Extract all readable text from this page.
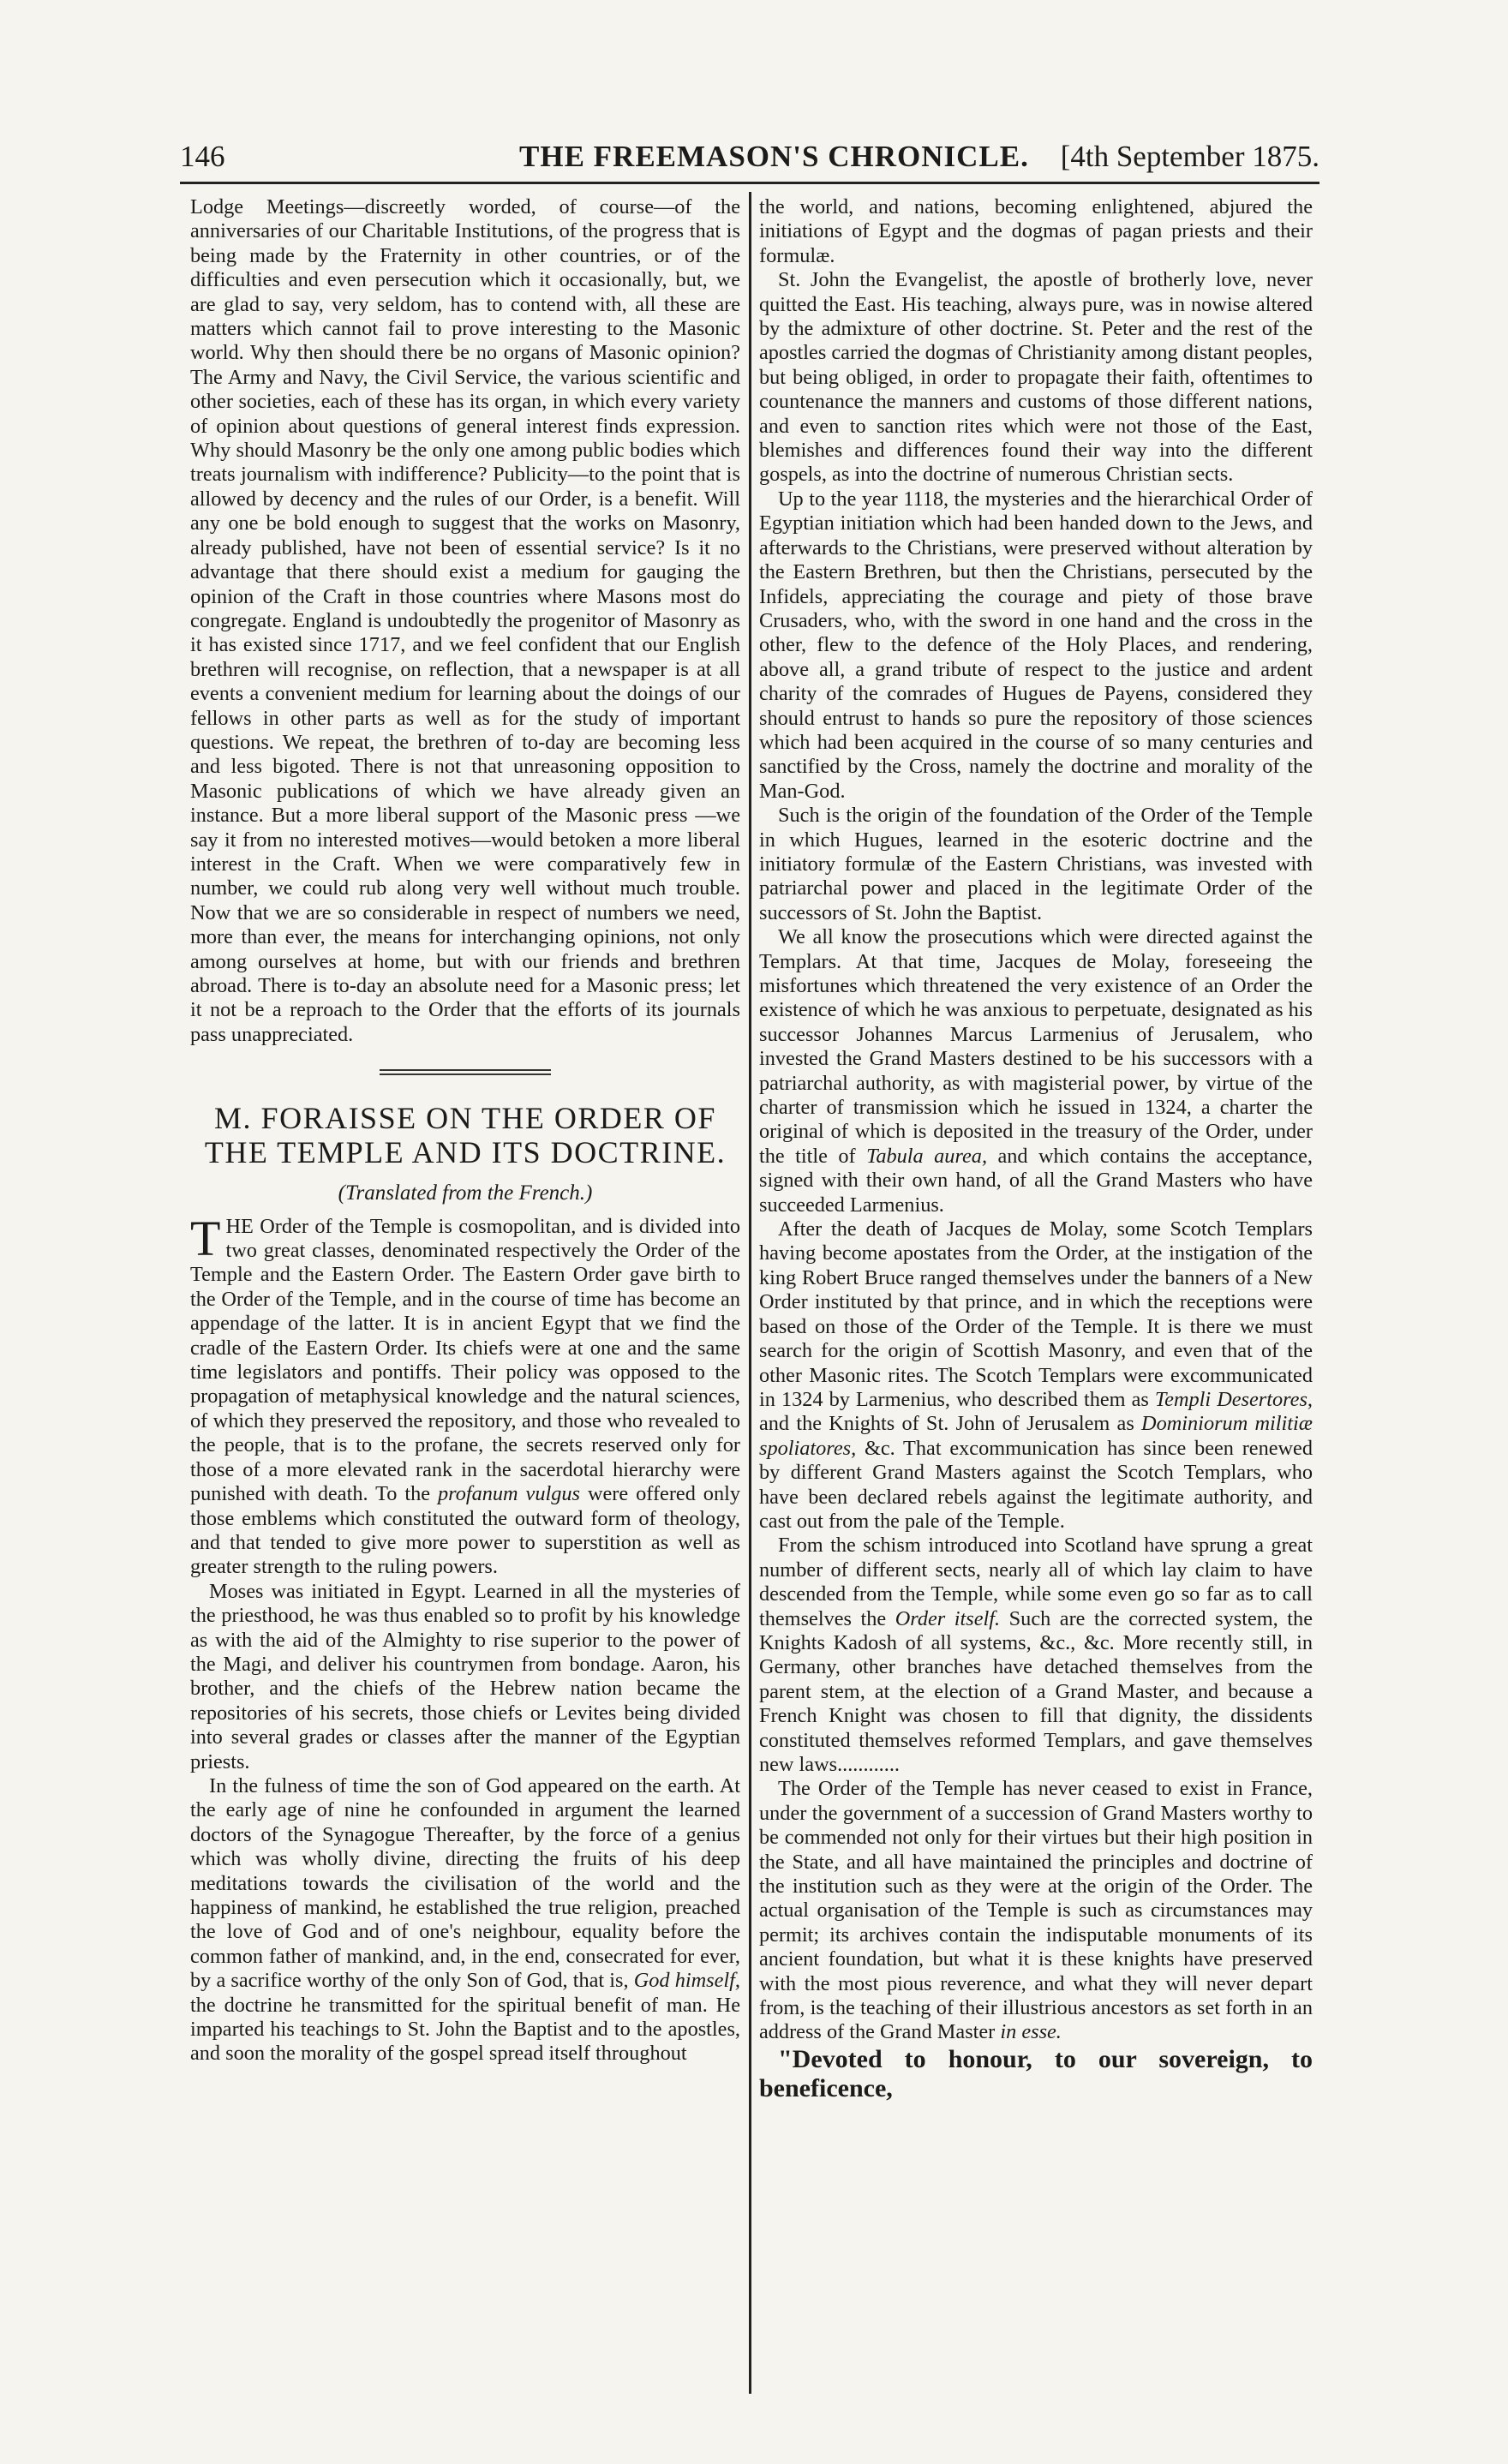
146	THE FREEMASON'S CHRONICLE. [4th September 1875.

Lodge Meetings—discreetly worded, of course—of the anniversaries of our Charitable Institutions, of the progress that is being made by the Fraternity in other countries, or of the difficulties and even persecution which it occasionally, but, we are glad to say, very seldom, has to contend with, all these are matters which cannot fail to prove interesting to the Masonic world. Why then should there be no organs of Masonic opinion? The Army and Navy, the Civil Service, the various scientific and other societies, each of these has its organ, in which every variety of opinion about questions of general interest finds expression. Why should Masonry be the only one among public bodies which treats journalism with indifference? Publicity—to the point that is allowed by decency and the rules of our Order, is a benefit. Will any one be bold enough to suggest that the works on Masonry, already published, have not been of essential service? Is it no advantage that there should exist a medium for gauging the opinion of the Craft in those countries where Masons most do congregate. England is undoubtedly the progenitor of Masonry as it has existed since 1717, and we feel confident that our English brethren will recognise, on reflection, that a newspaper is at all events a convenient medium for learning about the doings of our fellows in other parts as well as for the study of important questions. We repeat, the brethren of to-day are becoming less and less bigoted. There is not that unreasoning opposition to Masonic publications of which we have already given an instance. But a more liberal support of the Masonic press —we say it from no interested motives—would betoken a more liberal interest in the Craft. When we were comparatively few in number, we could rub along very well without much trouble. Now that we are so considerable in respect of numbers we need, more than ever, the means for interchanging opinions, not only among ourselves at home, but with our friends and brethren abroad. There is to-day an absolute need for a Masonic press; let it not be a reproach to the Order that the efforts of its journals pass unappreciated.

M. FORAISSE ON THE ORDER OF THE TEMPLE AND ITS DOCTRINE.
(Translated from the French.)

THE Order of the Temple is cosmopolitan, and is divided into two great classes, denominated respectively the Order of the Temple and the Eastern Order. The Eastern Order gave birth to the Order of the Temple, and in the course of time has become an appendage of the latter. It is in ancient Egypt that we find the cradle of the Eastern Order. Its chiefs were at one and the same time legislators and pontiffs. Their policy was opposed to the propagation of metaphysical knowledge and the natural sciences, of which they preserved the repository, and those who revealed to the people, that is to the profane, the secrets reserved only for those of a more elevated rank in the sacerdotal hierarchy were punished with death. To the profanum vulgus were offered only those emblems which constituted the outward form of theology, and that tended to give more power to superstition as well as greater strength to the ruling powers.

Moses was initiated in Egypt. Learned in all the mysteries of the priesthood, he was thus enabled so to profit by his knowledge as with the aid of the Almighty to rise superior to the power of the Magi, and deliver his countrymen from bondage. Aaron, his brother, and the chiefs of the Hebrew nation became the repositories of his secrets, those chiefs or Levites being divided into several grades or classes after the manner of the Egyptian priests.

In the fulness of time the son of God appeared on the earth. At the early age of nine he confounded in argument the learned doctors of the Synagogue Thereafter, by the force of a genius which was wholly divine, directing the fruits of his deep meditations towards the civilisation of the world and the happiness of mankind, he established the true religion, preached the love of God and of one's neighbour, equality before the common father of mankind, and, in the end, consecrated for ever, by a sacrifice worthy of the only Son of God, that is, God himself, the doctrine he transmitted for the spiritual benefit of man. He imparted his teachings to St. John the Baptist and to the apostles, and soon the morality of the gospel spread itself throughout

the world, and nations, becoming enlightened, abjured the initiations of Egypt and the dogmas of pagan priests and their formulæ.

St. John the Evangelist, the apostle of brotherly love, never quitted the East. His teaching, always pure, was in nowise altered by the admixture of other doctrine. St. Peter and the rest of the apostles carried the dogmas of Christianity among distant peoples, but being obliged, in order to propagate their faith, oftentimes to countenance the manners and customs of those different nations, and even to sanction rites which were not those of the East, blemishes and differences found their way into the different gospels, as into the doctrine of numerous Christian sects.

Up to the year 1118, the mysteries and the hierarchical Order of Egyptian initiation which had been handed down to the Jews, and afterwards to the Christians, were preserved without alteration by the Eastern Brethren, but then the Christians, persecuted by the Infidels, appreciating the courage and piety of those brave Crusaders, who, with the sword in one hand and the cross in the other, flew to the defence of the Holy Places, and rendering, above all, a grand tribute of respect to the justice and ardent charity of the comrades of Hugues de Payens, considered they should entrust to hands so pure the repository of those sciences which had been acquired in the course of so many centuries and sanctified by the Cross, namely the doctrine and morality of the Man-God.

Such is the origin of the foundation of the Order of the Temple in which Hugues, learned in the esoteric doctrine and the initiatory formulæ of the Eastern Christians, was invested with patriarchal power and placed in the legitimate Order of the successors of St. John the Baptist.

We all know the prosecutions which were directed against the Templars. At that time, Jacques de Molay, foreseeing the misfortunes which threatened the very existence of an Order the existence of which he was anxious to perpetuate, designated as his successor Johannes Marcus Larmenius of Jerusalem, who invested the Grand Masters destined to be his successors with a patriarchal authority, as with magisterial power, by virtue of the charter of transmission which he issued in 1324, a charter the original of which is deposited in the treasury of the Order, under the title of Tabula aurea, and which contains the acceptance, signed with their own hand, of all the Grand Masters who have succeeded Larmenius.

After the death of Jacques de Molay, some Scotch Templars having become apostates from the Order, at the instigation of the king Robert Bruce ranged themselves under the banners of a New Order instituted by that prince, and in which the receptions were based on those of the Order of the Temple. It is there we must search for the origin of Scottish Masonry, and even that of the other Masonic rites. The Scotch Templars were excommunicated in 1324 by Larmenius, who described them as Templi Desertores, and the Knights of St. John of Jerusalem as Dominiorum militiæ spoliatores, &c. That excommunication has since been renewed by different Grand Masters against the Scotch Templars, who have been declared rebels against the legitimate authority, and cast out from the pale of the Temple.

From the schism introduced into Scotland have sprung a great number of different sects, nearly all of which lay claim to have descended from the Temple, while some even go so far as to call themselves the Order itself. Such are the corrected system, the Knights Kadosh of all systems, &c., &c. More recently still, in Germany, other branches have detached themselves from the parent stem, at the election of a Grand Master, and because a French Knight was chosen to fill that dignity, the dissidents constituted themselves reformed Templars, and gave themselves new laws............

The Order of the Temple has never ceased to exist in France, under the government of a succession of Grand Masters worthy to be commended not only for their virtues but their high position in the State, and all have maintained the principles and doctrine of the institution such as they were at the origin of the Order. The actual organisation of the Temple is such as circumstances may permit; its archives contain the indisputable monuments of its ancient foundation, but what it is these knights have preserved with the most pious reverence, and what they will never depart from, is the teaching of their illustrious ancestors as set forth in an address of the Grand Master in esse.

"Devoted to honour, to our sovereign, to beneficence,
